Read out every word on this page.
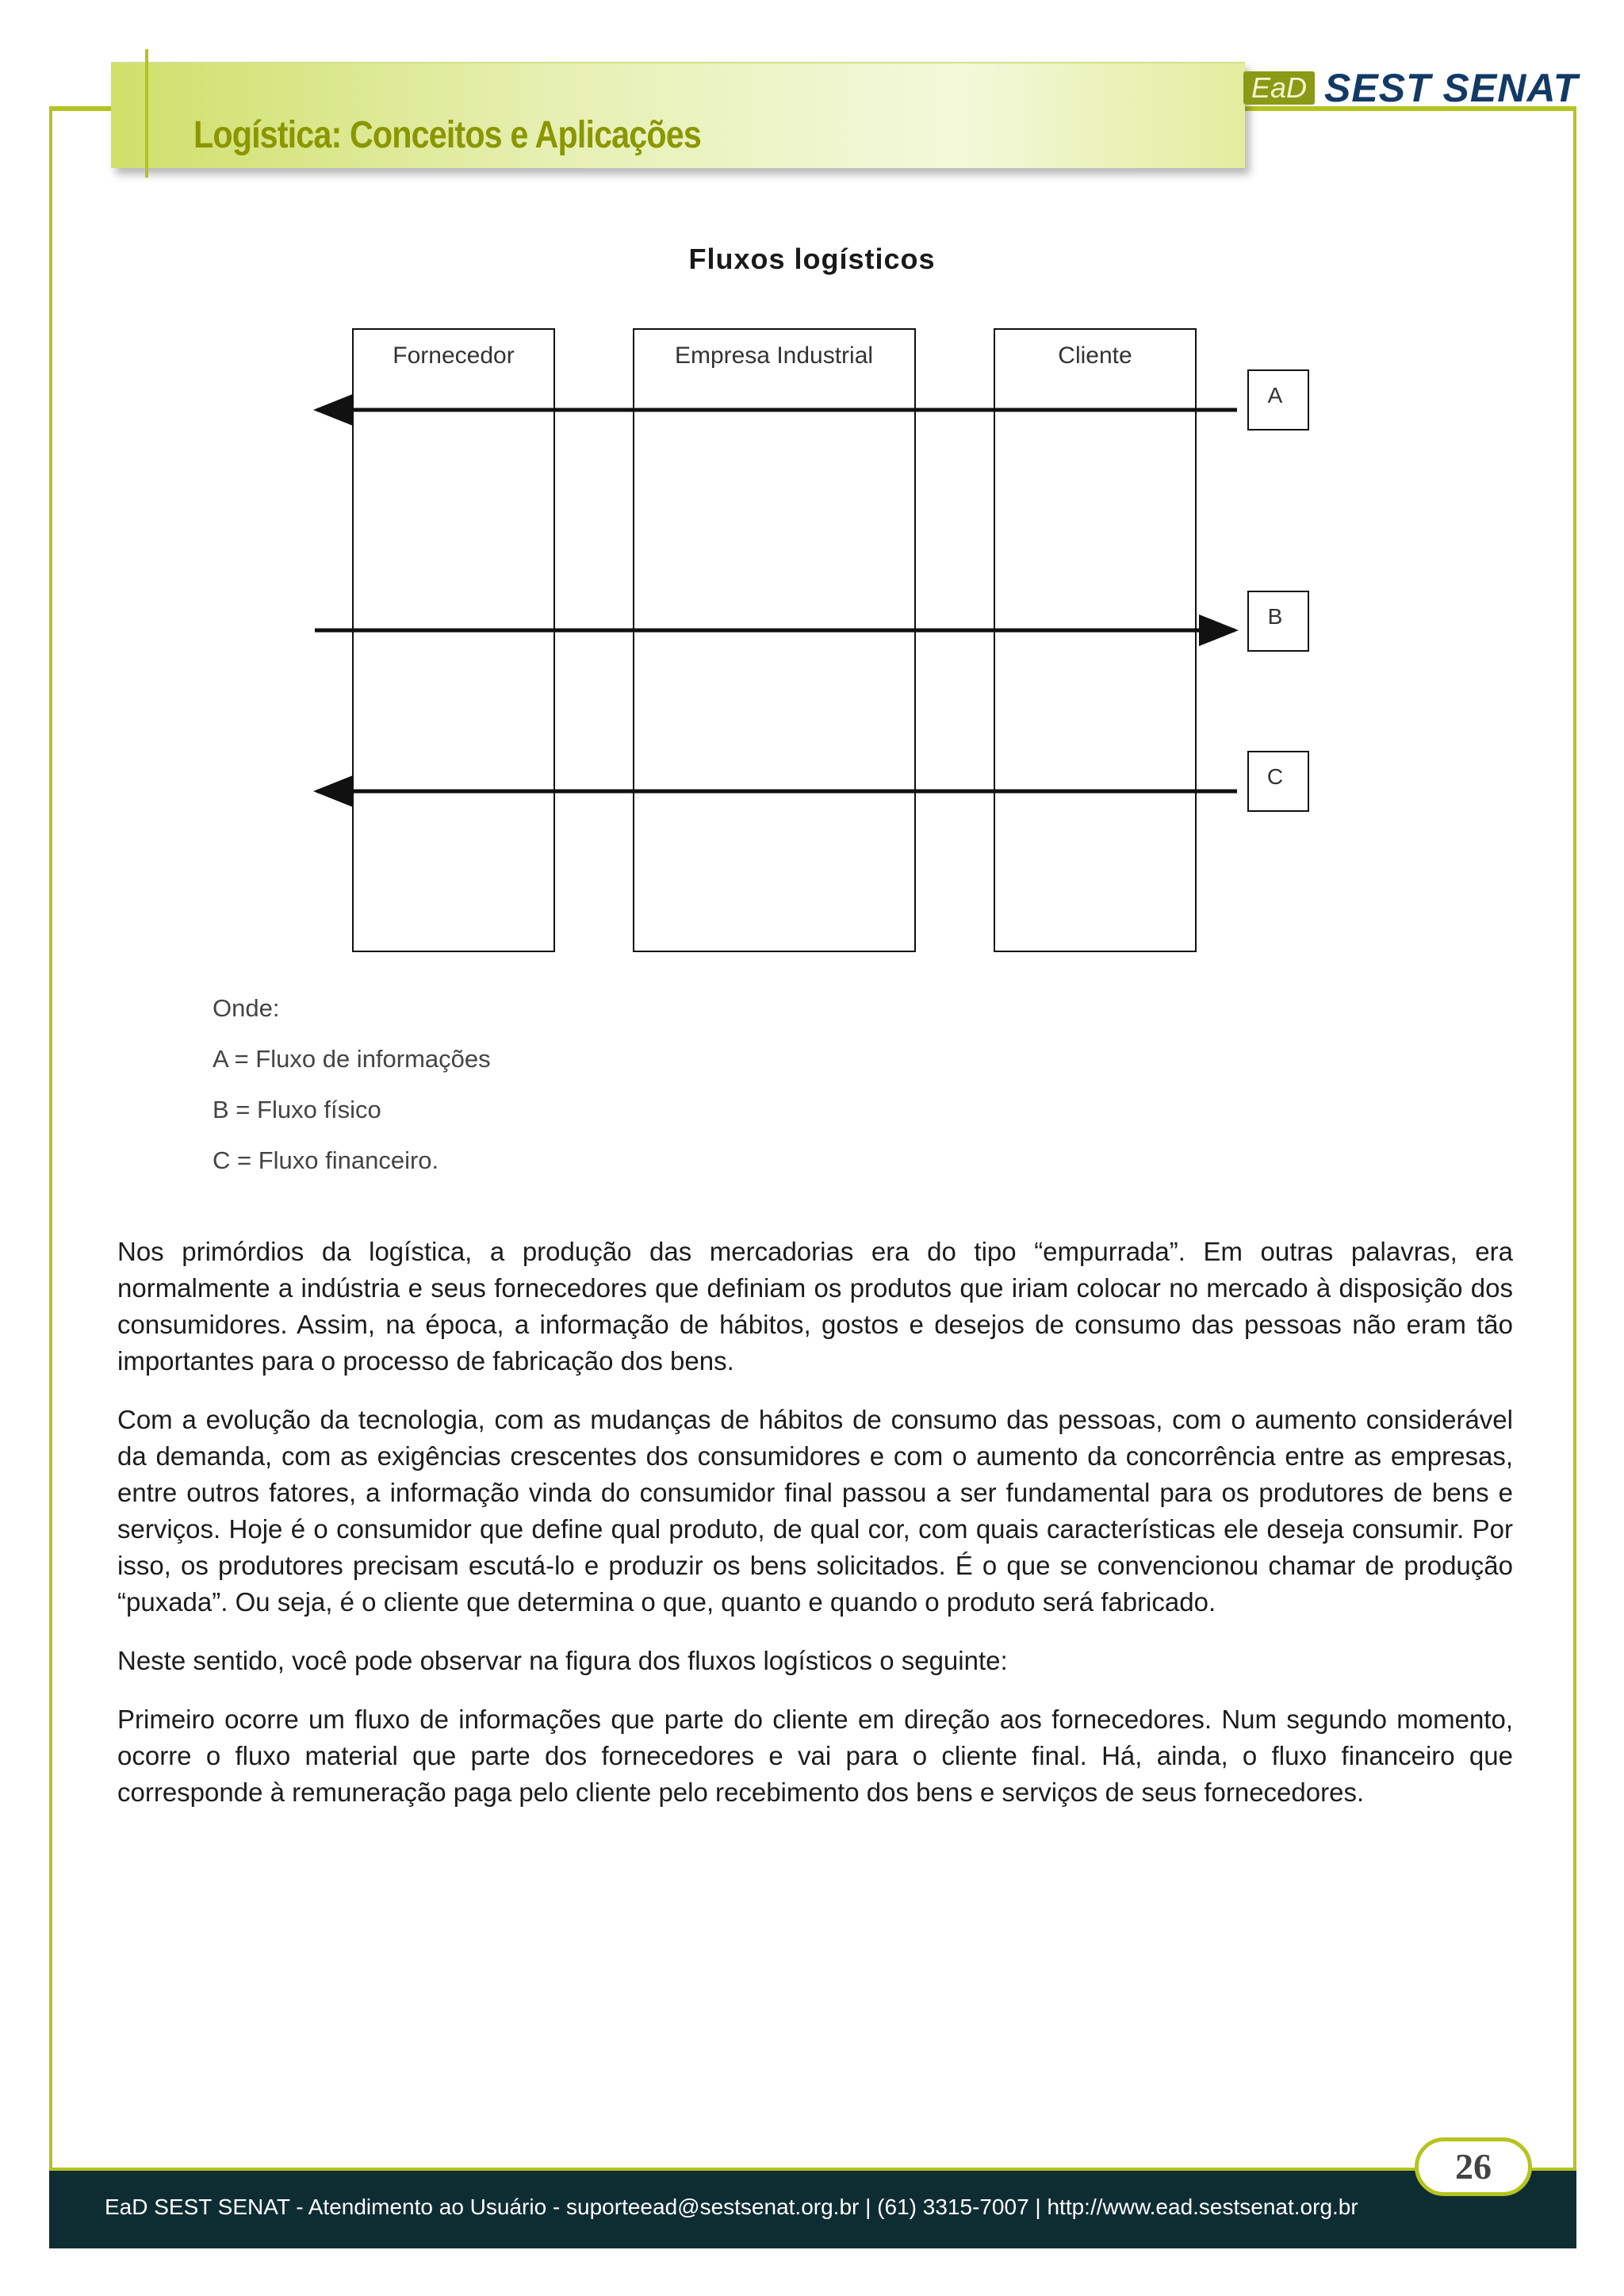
Logística: Conceitos e Aplicações
EaD SEST SENAT
Fluxos logísticos
Fornecedor	Empresa Industrial	Cliente
A
B
C
Onde:
A = Fluxo de informações
B = Fluxo físico
C = Fluxo financeiro.

Nos primórdios da logística, a produção das mercadorias era do tipo “empurrada”. Em outras palavras, era normalmente a indústria e seus fornecedores que definiam os produtos que iriam colocar no mercado à disposição dos consumidores. Assim, na época, a informação de hábitos, gostos e desejos de consumo das pessoas não eram tão importantes para o processo de fabricação dos bens.

Com a evolução da tecnologia, com as mudanças de hábitos de consumo das pessoas, com o aumento considerável da demanda, com as exigências crescentes dos consumidores e com o aumento da concorrência entre as empresas, entre outros fatores, a informação vinda do consumidor final passou a ser fundamental para os produtores de bens e serviços. Hoje é o consumidor que define qual produto, de qual cor, com quais características ele deseja consumir. Por isso, os produtores precisam escutá-lo e produzir os bens solicitados. É o que se convencionou chamar de produção “puxada”. Ou seja, é o cliente que determina o que, quanto e quando o produto será fabricado.

Neste sentido, você pode observar na figura dos fluxos logísticos o seguinte:

Primeiro ocorre um fluxo de informações que parte do cliente em direção aos fornecedores. Num segundo momento, ocorre o fluxo material que parte dos fornecedores e vai para o cliente final. Há, ainda, o fluxo financeiro que corresponde à remuneração paga pelo cliente pelo recebimento dos bens e serviços de seus fornecedores.

EaD SEST SENAT - Atendimento ao Usuário - suporteead@sestsenat.org.br | (61) 3315-7007 | http://www.ead.sestsenat.org.br
26
